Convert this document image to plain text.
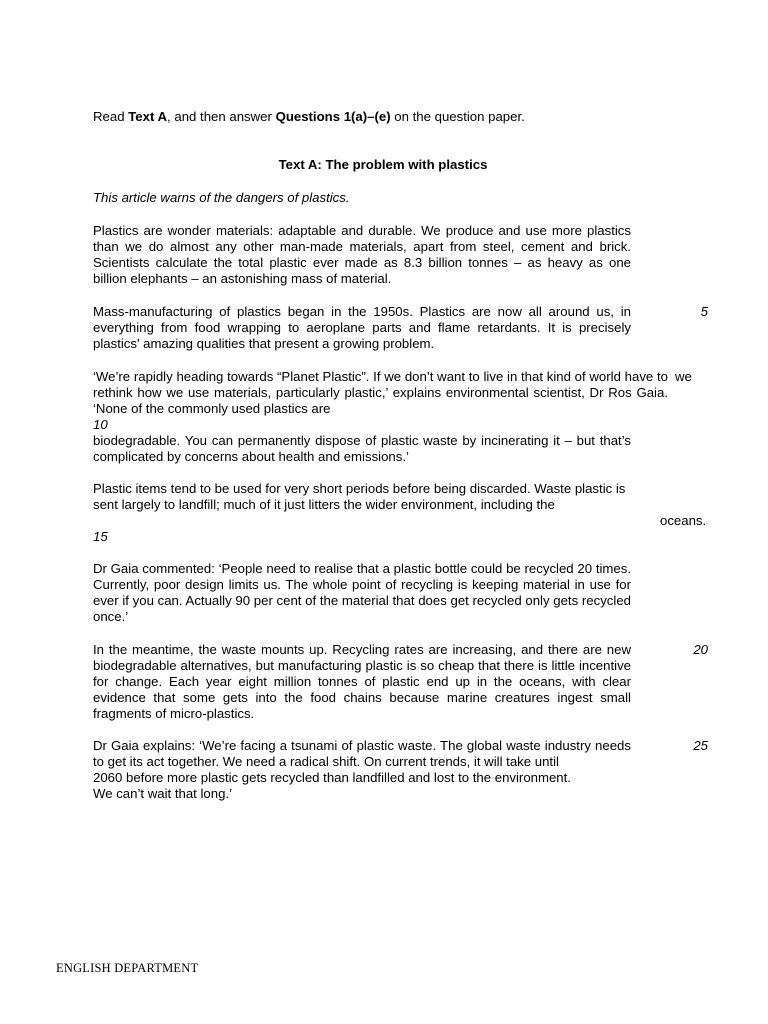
Read Text A, and then answer Questions 1(a)–(e) on the question paper.
Text A: The problem with plastics
This article warns of the dangers of plastics.
Plastics are wonder materials: adaptable and durable. We produce and use more plastics than we do almost any other man-made materials, apart from steel, cement and brick. Scientists calculate the total plastic ever made as 8.3 billion tonnes – as heavy as one billion elephants – an astonishing mass of material.
Mass-manufacturing of plastics began in the 1950s. Plastics are now all around us, in everything from food wrapping to aeroplane parts and flame retardants. It is precisely plastics' amazing qualities that present a growing problem.
5
‘We’re rapidly heading towards “Planet Plastic”. If we don’t want to live in that kind of world have to rethink how we use materials, particularly plastic,’ explains environmental scientist, Dr Ros Gaia. ‘None of the commonly used plastics are
we
10
biodegradable. You can permanently dispose of plastic waste by incinerating it – but that’s complicated by concerns about health and emissions.’
Plastic items tend to be used for very short periods before being discarded. Waste plastic is sent largely to landfill; much of it just litters the wider environment, including the
oceans.
15
Dr Gaia commented: ‘People need to realise that a plastic bottle could be recycled 20 times. Currently, poor design limits us. The whole point of recycling is keeping material in use for ever if you can. Actually 90 per cent of the material that does get recycled only gets recycled once.’
In the meantime, the waste mounts up. Recycling rates are increasing, and there are new biodegradable alternatives, but manufacturing plastic is so cheap that there is little incentive for change. Each year eight million tonnes of plastic end up in the oceans, with clear evidence that some gets into the food chains because marine creatures ingest small fragments of micro-plastics.
20
Dr Gaia explains: ‘We’re facing a tsunami of plastic waste. The global waste industry needs to get its act together. We need a radical shift. On current trends, it will take until
2060 before more plastic gets recycled than landfilled and lost to the environment.
We can’t wait that long.’
25
ENGLISH DEPARTMENT
